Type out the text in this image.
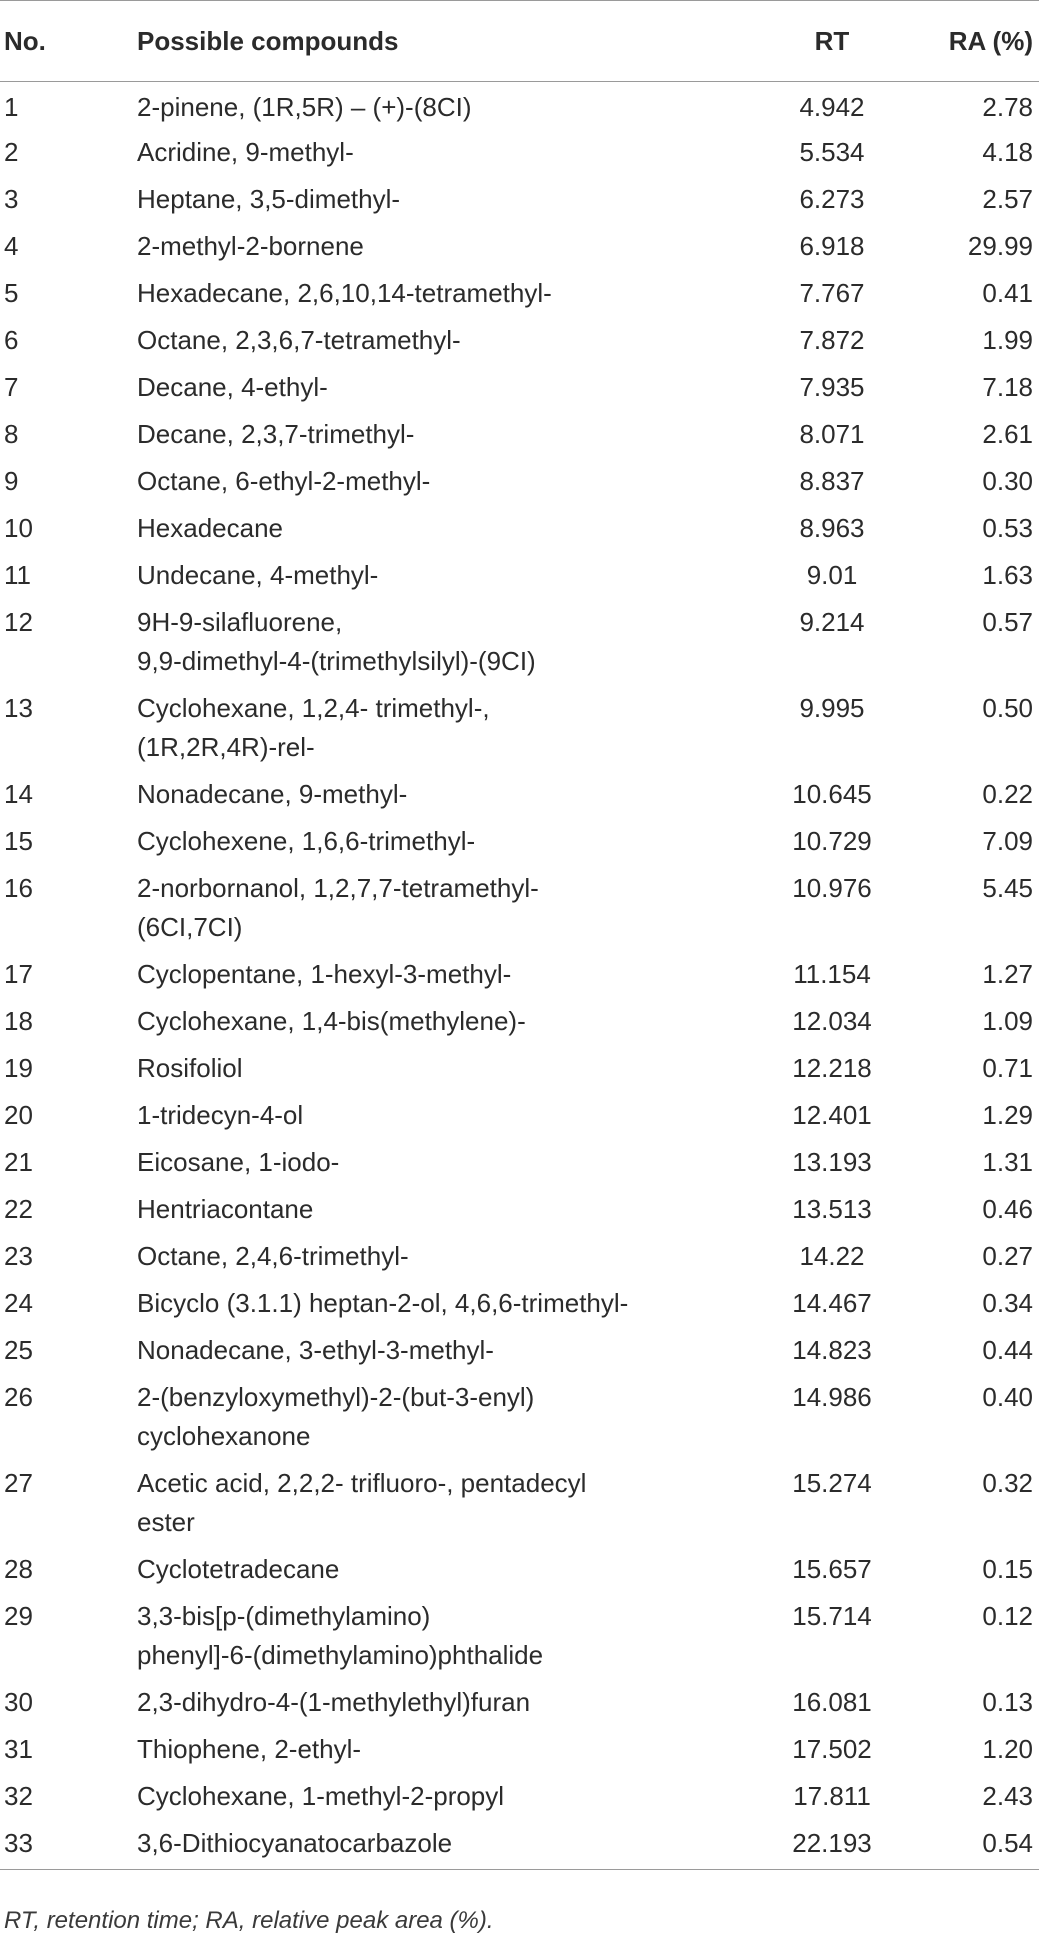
No.	Possible compounds	RT	RA (%)
1	2-pinene, (1R,5R) – (+)-(8CI)	4.942	2.78
2	Acridine, 9-methyl-	5.534	4.18
3	Heptane, 3,5-dimethyl-	6.273	2.57
4	2-methyl-2-bornene	6.918	29.99
5	Hexadecane, 2,6,10,14-tetramethyl-	7.767	0.41
6	Octane, 2,3,6,7-tetramethyl-	7.872	1.99
7	Decane, 4-ethyl-	7.935	7.18
8	Decane, 2,3,7-trimethyl-	8.071	2.61
9	Octane, 6-ethyl-2-methyl-	8.837	0.30
10	Hexadecane	8.963	0.53
11	Undecane, 4-methyl-	9.01	1.63
12	9H-9-silafluorene,
9,9-dimethyl-4-(trimethylsilyl)-(9CI)	9.214	0.57
13	Cyclohexane, 1,2,4- trimethyl-,
(1R,2R,4R)-rel-	9.995	0.50
14	Nonadecane, 9-methyl-	10.645	0.22
15	Cyclohexene, 1,6,6-trimethyl-	10.729	7.09
16	2-norbornanol, 1,2,7,7-tetramethyl-
(6CI,7CI)	10.976	5.45
17	Cyclopentane, 1-hexyl-3-methyl-	11.154	1.27
18	Cyclohexane, 1,4-bis(methylene)-	12.034	1.09
19	Rosifoliol	12.218	0.71
20	1-tridecyn-4-ol	12.401	1.29
21	Eicosane, 1-iodo-	13.193	1.31
22	Hentriacontane	13.513	0.46
23	Octane, 2,4,6-trimethyl-	14.22	0.27
24	Bicyclo (3.1.1) heptan-2-ol, 4,6,6-trimethyl-	14.467	0.34
25	Nonadecane, 3-ethyl-3-methyl-	14.823	0.44
26	2-(benzyloxymethyl)-2-(but-3-enyl)
cyclohexanone	14.986	0.40
27	Acetic acid, 2,2,2- trifluoro-, pentadecyl
ester	15.274	0.32
28	Cyclotetradecane	15.657	0.15
29	3,3-bis[p-(dimethylamino)
phenyl]-6-(dimethylamino)phthalide	15.714	0.12
30	2,3-dihydro-4-(1-methylethyl)furan	16.081	0.13
31	Thiophene, 2-ethyl-	17.502	1.20
32	Cyclohexane, 1-methyl-2-propyl	17.811	2.43
33	3,6-Dithiocyanatocarbazole	22.193	0.54
RT, retention time; RA, relative peak area (%).
